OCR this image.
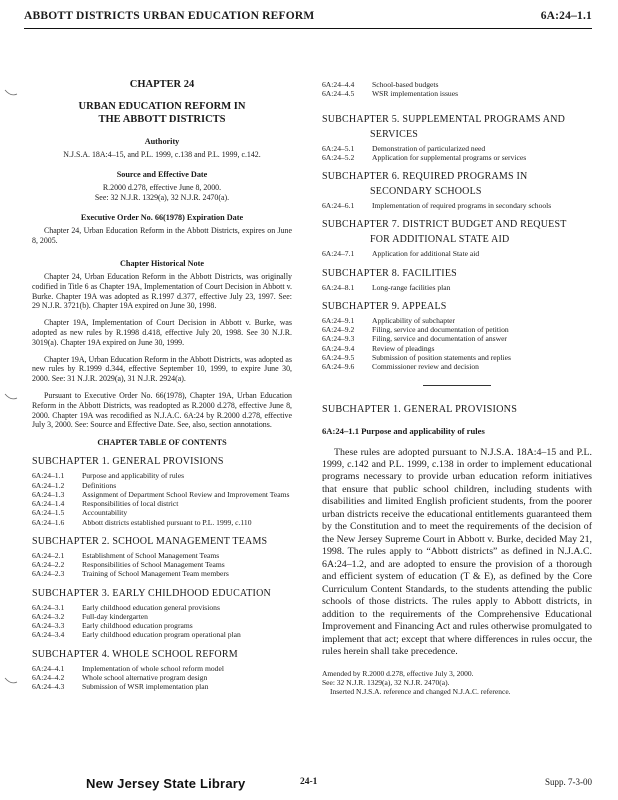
ABBOTT DISTRICTS URBAN EDUCATION REFORM	6A:24–1.1
CHAPTER 24
URBAN EDUCATION REFORM IN
THE ABBOTT DISTRICTS
Authority
N.J.S.A. 18A:4–15, and P.L. 1999, c.138 and P.L. 1999, c.142.
Source and Effective Date
R.2000 d.278, effective June 8, 2000.
See: 32 N.J.R. 1329(a), 32 N.J.R. 2470(a).
Executive Order No. 66(1978) Expiration Date
Chapter 24, Urban Education Reform in the Abbott Districts, expires on June 8, 2005.
Chapter Historical Note
Chapter 24, Urban Education Reform in the Abbott Districts, was originally codified in Title 6 as Chapter 19A, Implementation of Court Decision in Abbott v. Burke. Chapter 19A was adopted as R.1997 d.377, effective July 23, 1997. See: 29 N.J.R. 3721(b). Chapter 19A expired on June 30, 1998.
Chapter 19A, Implementation of Court Decision in Abbott v. Burke, was adopted as new rules by R.1998 d.418, effective July 20, 1998. See 30 N.J.R. 3019(a). Chapter 19A expired on June 30, 1999.
Chapter 19A, Urban Education Reform in the Abbott Districts, was adopted as new rules by R.1999 d.344, effective September 10, 1999, to expire June 30, 2000. See: 31 N.J.R. 2029(a), 31 N.J.R. 2924(a).
Pursuant to Executive Order No. 66(1978), Chapter 19A, Urban Education Reform in the Abbott Districts, was readopted as R.2000 d.278, effective June 8, 2000. Chapter 19A was recodified as N.J.A.C. 6A:24 by R.2000 d.278, effective July 3, 2000. See: Source and Effective Date. See, also, section annotations.
CHAPTER TABLE OF CONTENTS
SUBCHAPTER 1. GENERAL PROVISIONS
6A:24–1.1	Purpose and applicability of rules
6A:24–1.2	Definitions
6A:24–1.3	Assignment of Department School Review and Improvement Teams
6A:24–1.4	Responsibilities of local district
6A:24–1.5	Accountability
6A:24–1.6	Abbott districts established pursuant to P.L. 1999, c.110
SUBCHAPTER 2. SCHOOL MANAGEMENT TEAMS
6A:24–2.1	Establishment of School Management Teams
6A:24–2.2	Responsibilities of School Management Teams
6A:24–2.3	Training of School Management Team members
SUBCHAPTER 3. EARLY CHILDHOOD EDUCATION
6A:24–3.1	Early childhood education general provisions
6A:24–3.2	Full-day kindergarten
6A:24–3.3	Early childhood education programs
6A:24–3.4	Early childhood education program operational plan
SUBCHAPTER 4. WHOLE SCHOOL REFORM
6A:24–4.1	Implementation of whole school reform model
6A:24–4.2	Whole school alternative program design
6A:24–4.3	Submission of WSR implementation plan
6A:24–4.4	School-based budgets
6A:24–4.5	WSR implementation issues
SUBCHAPTER 5. SUPPLEMENTAL PROGRAMS AND
SERVICES
6A:24–5.1	Demonstration of particularized need
6A:24–5.2	Application for supplemental programs or services
SUBCHAPTER 6. REQUIRED PROGRAMS IN
SECONDARY SCHOOLS
6A:24–6.1	Implementation of required programs in secondary schools
SUBCHAPTER 7. DISTRICT BUDGET AND REQUEST
FOR ADDITIONAL STATE AID
6A:24–7.1	Application for additional State aid
SUBCHAPTER 8. FACILITIES
6A:24–8.1	Long-range facilities plan
SUBCHAPTER 9. APPEALS
6A:24–9.1	Applicability of subchapter
6A:24–9.2	Filing, service and documentation of petition
6A:24–9.3	Filing, service and documentation of answer
6A:24–9.4	Review of pleadings
6A:24–9.5	Submission of position statements and replies
6A:24–9.6	Commissioner review and decision
SUBCHAPTER 1. GENERAL PROVISIONS
6A:24–1.1 Purpose and applicability of rules
These rules are adopted pursuant to N.J.S.A. 18A:4–15 and P.L. 1999, c.142 and P.L. 1999, c.138 in order to implement educational programs necessary to provide urban education reform initiatives that ensure that public school children, including students with disabilities and limited English proficient students, from the poorer urban districts receive the educational entitlements guaranteed them by the Constitution and to meet the requirements of the decision of the New Jersey Supreme Court in Abbott v. Burke, decided May 21, 1998. The rules apply to “Abbott districts” as defined in N.J.A.C. 6A:24–1.2, and are adopted to ensure the provision of a thorough and efficient system of education (T & E), as defined by the Core Curriculum Content Standards, to the students attending the public schools of those districts. The rules apply to Abbott districts, in addition to the requirements of the Comprehensive Educational Improvement and Financing Act and rules otherwise promulgated to implement that act; except that where differences in rules occur, the rules herein shall take precedence.
Amended by R.2000 d.278, effective July 3, 2000.
See: 32 N.J.R. 1329(a), 32 N.J.R. 2470(a).
Inserted N.J.S.A. reference and changed N.J.A.C. reference.
New Jersey State Library	24-1	Supp. 7-3-00
